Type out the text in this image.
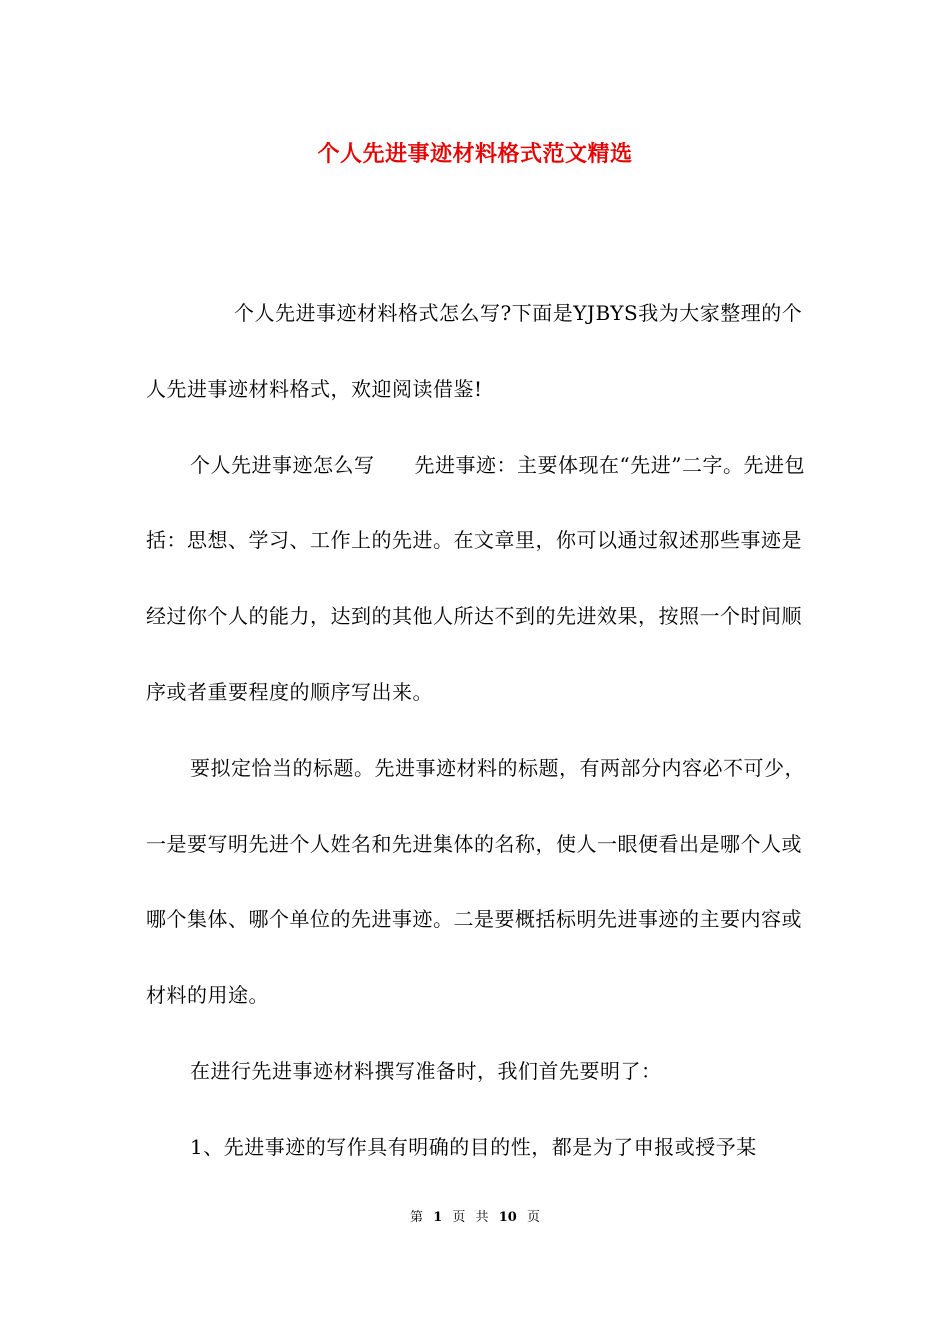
个人先进事迹材料格式范文精选

个人先进事迹材料格式怎么写?下面是YJBYS我为大家整理的个人先进事迹材料格式，欢迎阅读借鉴!

个人先进事迹怎么写 先进事迹：主要体现在“先进”二字。先进包括：思想、学习、工作上的先进。在文章里，你可以通过叙述那些事迹是经过你个人的能力，达到的其他人所达不到的先进效果，按照一个时间顺序或者重要程度的顺序写出来。

要拟定恰当的标题。先进事迹材料的标题，有两部分内容必不可少，一是要写明先进个人姓名和先进集体的名称，使人一眼便看出是哪个人或哪个集体、哪个单位的先进事迹。二是要概括标明先进事迹的主要内容或材料的用途。

在进行先进事迹材料撰写准备时，我们首先要明了：

1、先进事迹的写作具有明确的目的性，都是为了申报或授予某

第 1 页 共 10 页
